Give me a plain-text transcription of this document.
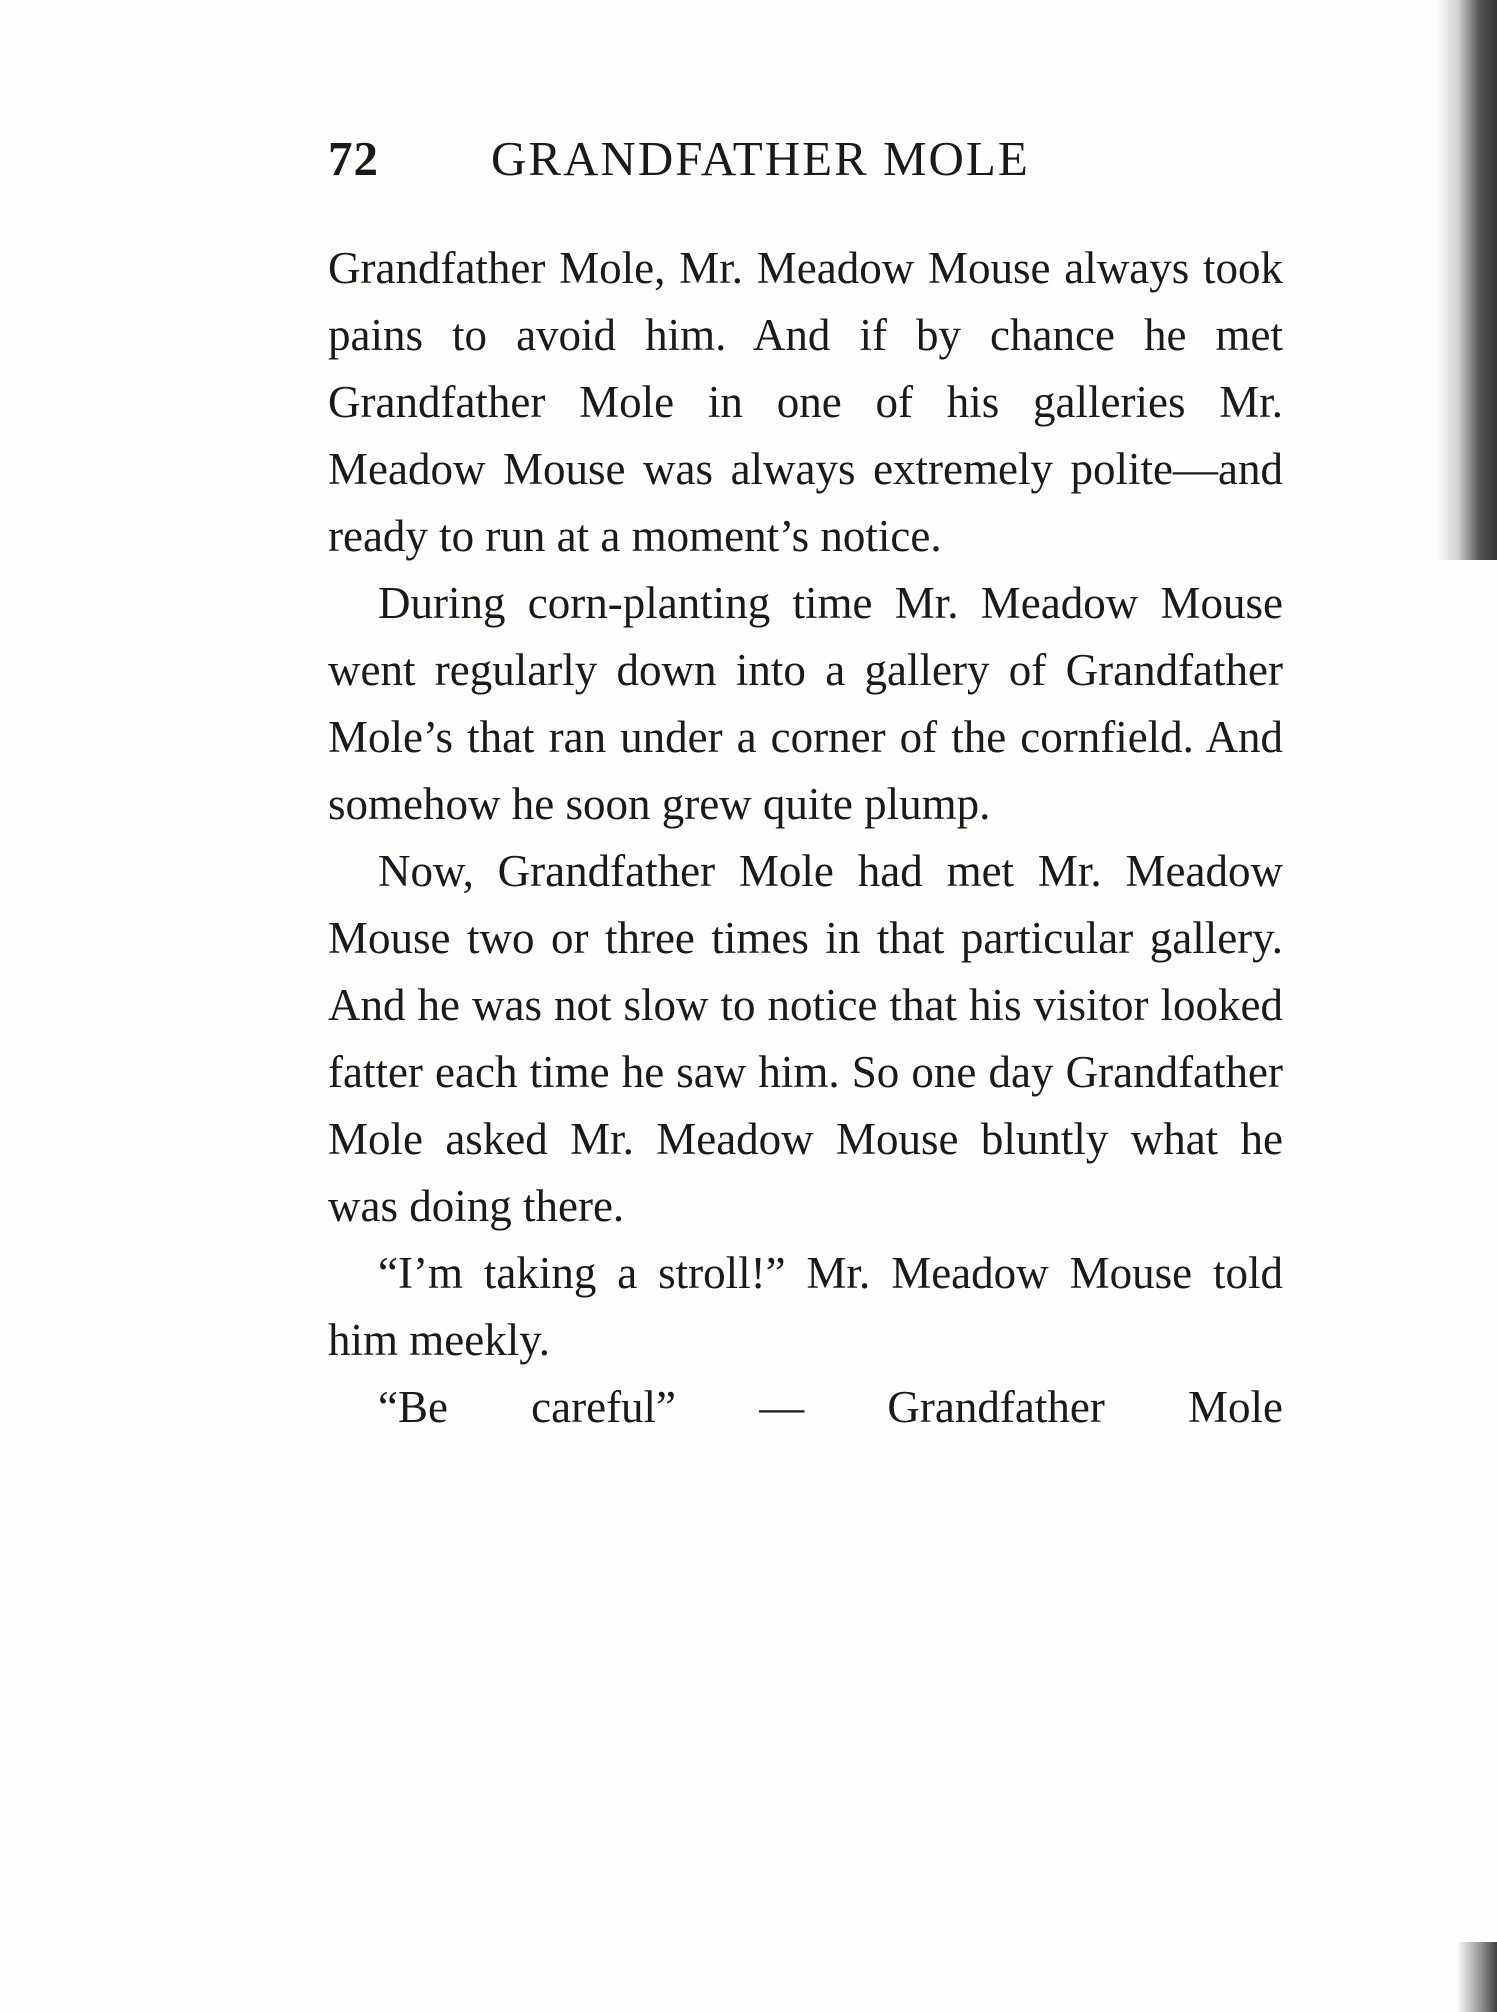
72 GRANDFATHER MOLE

Grandfather Mole, Mr. Meadow Mouse always took pains to avoid him. And if by chance he met Grandfather Mole in one of his galleries Mr. Meadow Mouse was always extremely polite—and ready to run at a moment’s notice.

During corn-planting time Mr. Meadow Mouse went regularly down into a gallery of Grandfather Mole’s that ran under a corner of the cornfield. And somehow he soon grew quite plump.

Now, Grandfather Mole had met Mr. Meadow Mouse two or three times in that particular gallery. And he was not slow to notice that his visitor looked fatter each time he saw him. So one day Grandfather Mole asked Mr. Meadow Mouse bluntly what he was doing there.

“I’m taking a stroll!” Mr. Meadow Mouse told him meekly.

“Be careful” — Grandfather Mole
